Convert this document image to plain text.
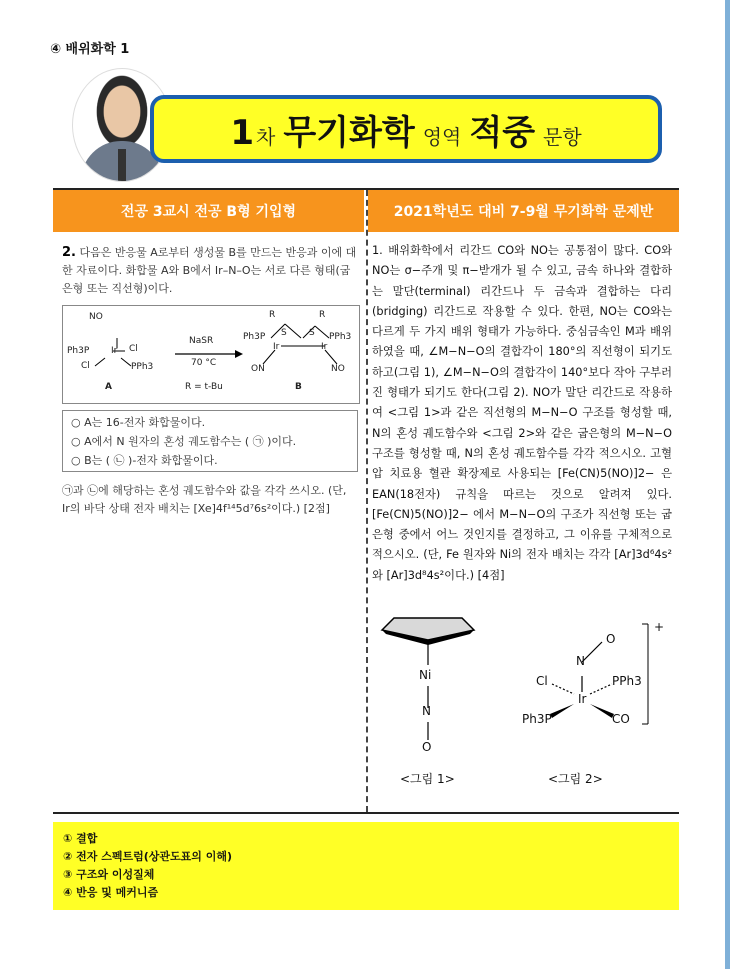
④ 배위화학 1
1 차 무기화학 영역 적중 문항
전공 3교시 전공 B형 기입형	2021학년도 대비 7-9월 무기화학 문제반
2. 다음은 반응물 A로부터 생성물 B를 만드는 반응과 이에 대한 자료이다. 화합물 A와 B에서 Ir–N–O는 서로 다른 형태(굽은형 또는 직선형)이다.
NO
Ph3P Ir Cl
Cl	PPh3
A
NaSR
70 °C
R = t-Bu
R	R
S S
Ph3P	PPh3
Ir	Ir
ON	NO
B
○ A는 16-전자 화합물이다.
○ A에서 N 원자의 혼성 궤도함수는 ( ㉠ )이다.
○ B는 ( ㉡ )-전자 화합물이다.
㉠과 ㉡에 해당하는 혼성 궤도함수와 값을 각각 쓰시오. (단, Ir의 바닥 상태 전자 배치는 [Xe]4f¹⁴5d⁷6s²이다.) [2점]
1. 배위화학에서 리간드 CO와 NO는 공통점이 많다. CO와 NO는 σ−주개 및 π−받개가 될 수 있고, 금속 하나와 결합하는 말단(terminal) 리간드나 두 금속과 결합하는 다리(bridging) 리간드로 작용할 수 있다. 한편, NO는 CO와는 다르게 두 가지 배위 형태가 가능하다. 중심금속인 M과 배위하였을 때, ∠M−N−O의 결합각이 180°의 직선형이 되기도 하고(그림 1), ∠M−N−O의 결합각이 140°보다 작아 구부러진 형태가 되기도 한다(그림 2). NO가 말단 리간드로 작용하여 <그림 1>과 같은 직선형의 M−N−O 구조를 형성할 때, N의 혼성 궤도함수와 <그림 2>와 같은 굽은형의 M−N−O 구조를 형성할 때, N의 혼성 궤도함수를 각각 적으시오. 고혈압 치료용 혈관 확장제로 사용되는 [Fe(CN)5(NO)]2− 은 EAN(18전자) 규칙을 따르는 것으로 알려져 있다. [Fe(CN)5(NO)]2− 에서 M−N−O의 구조가 직선형 또는 굽은형 중에서 어느 것인지를 결정하고, 그 이유를 구체적으로 적으시오. (단, Fe 원자와 Ni의 전자 배치는 각각 [Ar]3d⁶4s²와 [Ar]3d⁸4s²이다.) [4점]
Ni
N
O
<그림 1>
O
N
Cl
Ir
PPh3
Ph3P	CO
+
<그림 2>
① 결합
② 전자 스펙트럼(상관도표의 이해)
③ 구조와 이성질체
④ 반응 및 메커니즘
